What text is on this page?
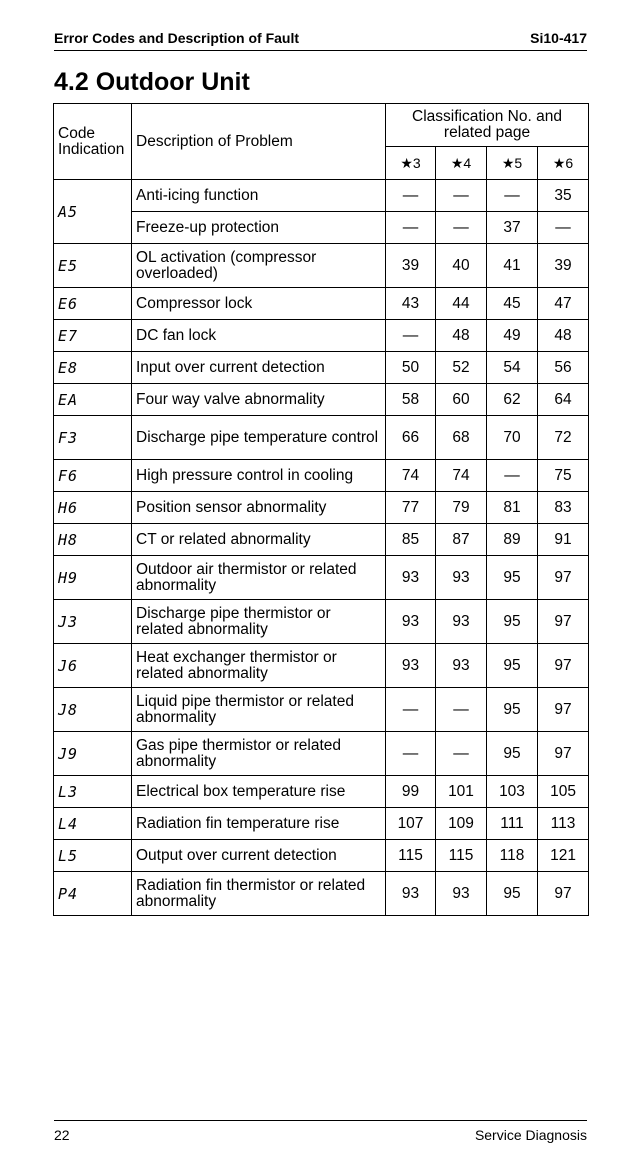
Error Codes and Description of Fault	Si10-417
4.2 Outdoor Unit
Code Indication	Description of Problem	Classification No. and related page			
		★3	★4	★5	★6
A5	Anti-icing function	—	—	—	35
	Freeze-up protection	—	—	37	—
E5	OL activation (compressor overloaded)	39	40	41	39
E6	Compressor lock	43	44	45	47
E7	DC fan lock	—	48	49	48
E8	Input over current detection	50	52	54	56
EA	Four way valve abnormality	58	60	62	64
F3	Discharge pipe temperature control	66	68	70	72
F6	High pressure control in cooling	74	74	—	75
H6	Position sensor abnormality	77	79	81	83
H8	CT or related abnormality	85	87	89	91
H9	Outdoor air thermistor or related abnormality	93	93	95	97
J3	Discharge pipe thermistor or related abnormality	93	93	95	97
J6	Heat exchanger thermistor or related abnormality	93	93	95	97
J8	Liquid pipe thermistor or related abnormality	—	—	95	97
J9	Gas pipe thermistor or related abnormality	—	—	95	97
L3	Electrical box temperature rise	99	101	103	105
L4	Radiation fin temperature rise	107	109	111	113
L5	Output over current detection	115	115	118	121
P4	Radiation fin thermistor or related abnormality	93	93	95	97
22	Service Diagnosis
